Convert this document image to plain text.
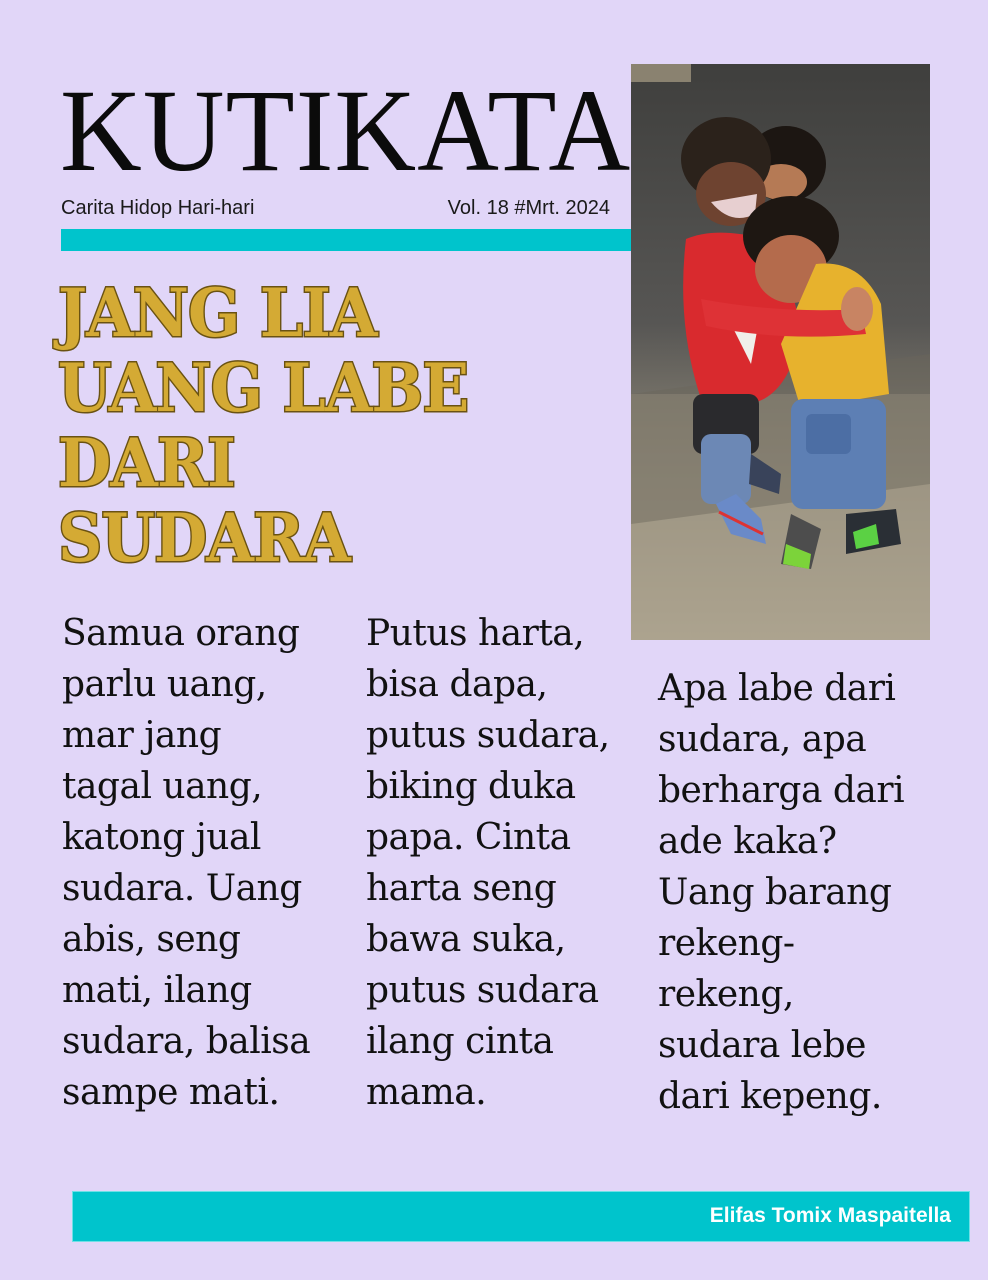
KUTIKATA
Carita Hidop Hari-hari	Vol. 18 #Mrt. 2024
JANG LIA
UANG LABE
DARI
SUDARA
Samua orang
parlu uang,
mar jang
tagal uang,
katong jual
sudara. Uang
abis, seng
mati, ilang
sudara, balisa
sampe mati.
Putus harta,
bisa dapa,
putus sudara,
biking duka
papa. Cinta
harta seng
bawa suka,
putus sudara
ilang cinta
mama.
Apa labe dari
sudara, apa
berharga dari
ade kaka?
Uang barang
rekeng-
rekeng,
sudara lebe
dari kepeng.
Elifas Tomix Maspaitella
